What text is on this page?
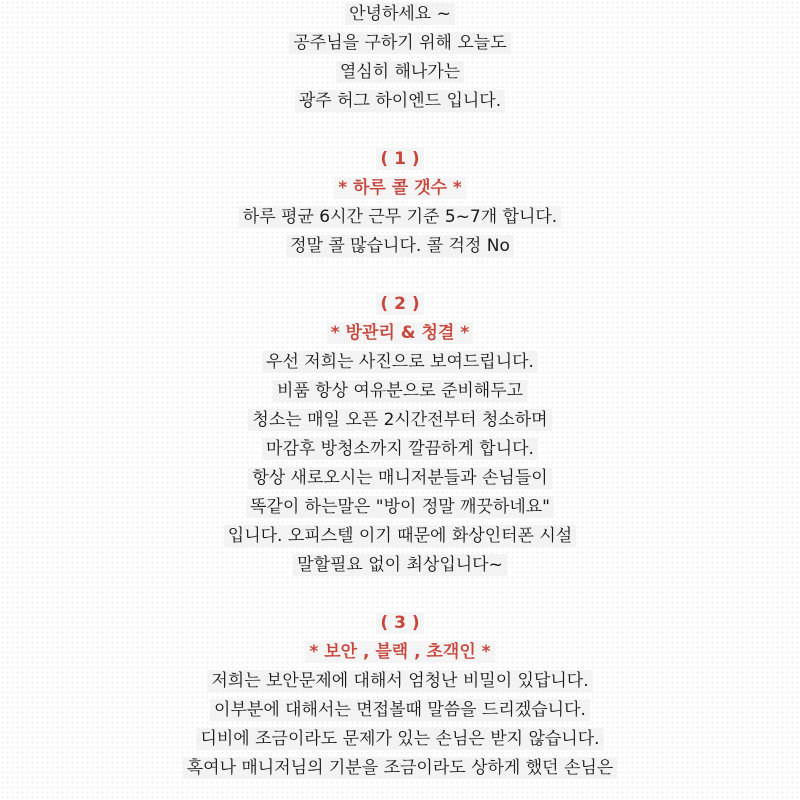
안녕하세요 ~
공주님을 구하기 위해 오늘도
열심히 해나가는
광주 허그 하이엔드 입니다.
( 1 )
* 하루 콜 갯수 *
하루 평균 6시간 근무 기준 5~7개 합니다.
정말 콜 많습니다. 콜 걱정 No
( 2 )
* 방관리 & 청결 *
우선 저희는 사진으로 보여드립니다.
비품 항상 여유분으로 준비해두고
청소는 매일 오픈 2시간전부터 청소하며
마감후 방청소까지 깔끔하게 합니다.
항상 새로오시는 매니저분들과 손님들이
똑같이 하는말은 "방이 정말 깨끗하네요"
입니다. 오피스텔 이기 때문에 화상인터폰 시설
말할필요 없이 최상입니다~
( 3 )
* 보안 , 블랙 , 초객인 *
저희는 보안문제에 대해서 엄청난 비밀이 있답니다.
이부분에 대해서는 면접볼때 말씀을 드리겠습니다.
디비에 조금이라도 문제가 있는 손님은 받지 않습니다.
혹여나 매니저님의 기분을 조금이라도 상하게 했던 손님은
